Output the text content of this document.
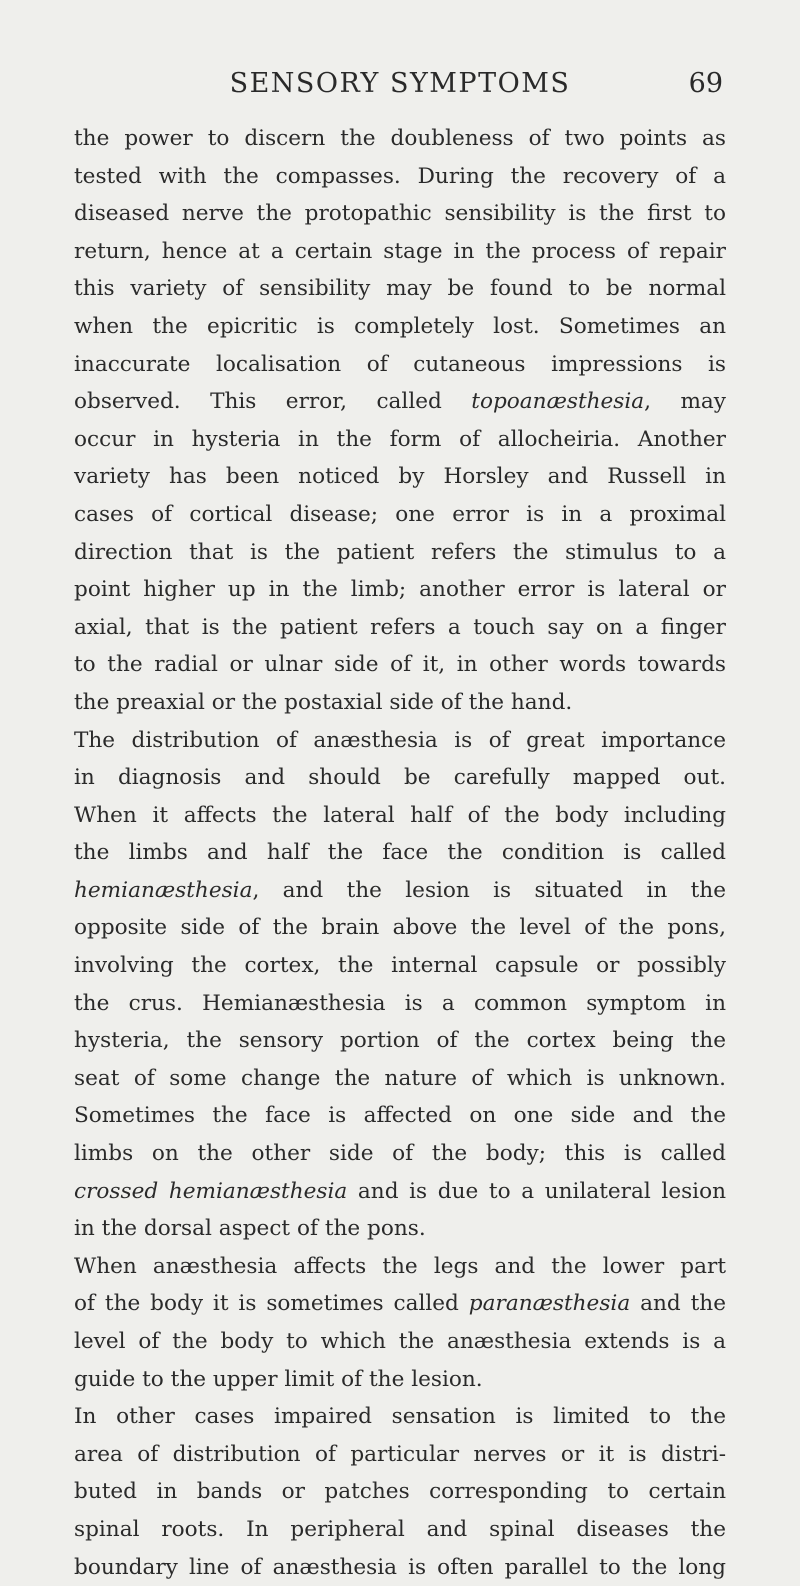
SENSORY SYMPTOMS	69
the power to discern the doubleness of two points as
tested with the compasses. During the recovery of a
diseased nerve the protopathic sensibility is the first to
return, hence at a certain stage in the process of repair
this variety of sensibility may be found to be normal
when the epicritic is completely lost. Sometimes an
inaccurate localisation of cutaneous impressions is
observed. This error, called topoanæsthesia, may
occur in hysteria in the form of allocheiria. Another
variety has been noticed by Horsley and Russell in
cases of cortical disease; one error is in a proximal
direction that is the patient refers the stimulus to a
point higher up in the limb; another error is lateral or
axial, that is the patient refers a touch say on a finger
to the radial or ulnar side of it, in other words towards
the preaxial or the postaxial side of the hand.
The distribution of anæsthesia is of great importance
in diagnosis and should be carefully mapped out.
When it affects the lateral half of the body including
the limbs and half the face the condition is called
hemianæsthesia, and the lesion is situated in the
opposite side of the brain above the level of the pons,
involving the cortex, the internal capsule or possibly
the crus. Hemianæsthesia is a common symptom in
hysteria, the sensory portion of the cortex being the
seat of some change the nature of which is unknown.
Sometimes the face is affected on one side and the
limbs on the other side of the body; this is called
crossed hemianæsthesia and is due to a unilateral lesion
in the dorsal aspect of the pons.
When anæsthesia affects the legs and the lower part
of the body it is sometimes called paranæsthesia and the
level of the body to which the anæsthesia extends is a
guide to the upper limit of the lesion.
In other cases impaired sensation is limited to the
area of distribution of particular nerves or it is distri-
buted in bands or patches corresponding to certain
spinal roots. In peripheral and spinal diseases the
boundary line of anæsthesia is often parallel to the long
